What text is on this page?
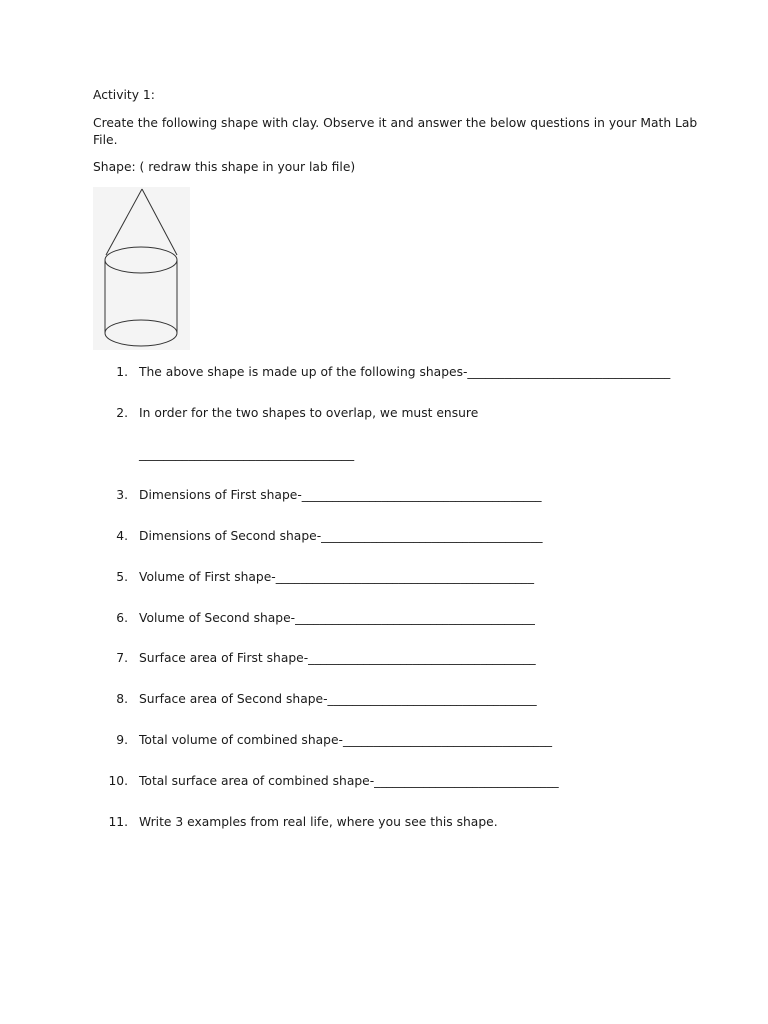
Activity 1:
Create the following shape with clay. Observe it and answer the below questions in your Math Lab
File.
Shape: ( redraw this shape in your lab file)
1. The above shape is made up of the following shapes-_________________________________
2. In order for the two shapes to overlap, we must ensure
___________________________________
3. Dimensions of First shape-_______________________________________
4. Dimensions of Second shape-____________________________________
5. Volume of First shape-__________________________________________
6. Volume of Second shape-_______________________________________
7. Surface area of First shape-_____________________________________
8. Surface area of Second shape-__________________________________
9. Total volume of combined shape-__________________________________
10. Total surface area of combined shape-______________________________
11. Write 3 examples from real life, where you see this shape.
